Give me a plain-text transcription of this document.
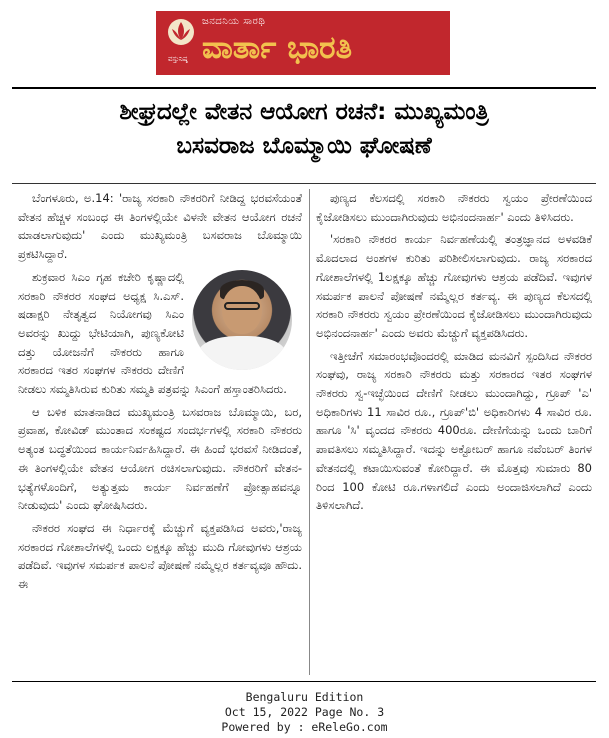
ಜನದನಿಯ ಸಾರಥಿ
ವಾರ್ತಾ ಭಾರತಿ
ವಸ್ತುನಿಷ್ಠ
ಶೀಘ್ರದಲ್ಲೇ ವೇತನ ಆಯೋಗ ರಚನೆ: ಮುಖ್ಯಮಂತ್ರಿ
ಬಸವರಾಜ ಬೊಮ್ಮಾಯಿ ಘೋಷಣೆ

ಬೆಂಗಳೂರು, ಅ.14: 'ರಾಜ್ಯ ಸರಕಾರಿ ನೌಕರರಿಗೆ ನೀಡಿದ್ದ ಭರವಸೆಯಂತೆ ವೇತನ ಹೆಚ್ಚಳ ಸಂಬಂಧ ಈ ತಿಂಗಳಲ್ಲಿಯೇ ವಿಳನೇ ವೇತನ ಆಯೋಗ ರಚನೆ ಮಾಡಲಾಗುವುದು' ಎಂದು ಮುಖ್ಯಮಂತ್ರಿ ಬಸವರಾಜ ಬೊಮ್ಮಾಯಿ ಪ್ರಕಟಿಸಿದ್ದಾರೆ.

ಶುಕ್ರವಾರ ಸಿಎಂ ಗೃಹ ಕಚೇರಿ ಕೃಷ್ಣಾದಲ್ಲಿ ಸರಕಾರಿ ನೌಕರರ ಸಂಘದ ಅಧ್ಯಕ್ಷ ಸಿ.ಎಸ್. ಷಡಾಕ್ಷರಿ ನೇತೃತ್ವದ ನಿಯೋಗವು ಸಿಎಂ ಅವರನ್ನು ಖುದ್ದು ಭೇಟಿಯಾಗಿ, ಪುಣ್ಯಕೋಟಿ ದತ್ತು ಯೋಜನೆಗೆ ನೌಕರರು ಹಾಗೂ ಸರಕಾರದ ಇತರ ಸಂಘಗಳ ನೌಕರರು ದೇಣಿಗೆ ನೀಡಲು ಸಮ್ಮತಿಸಿರುವ ಕುರಿತು ಸಮ್ಮತಿ ಪತ್ರವನ್ನು ಸಿಎಂಗೆ ಹಸ್ತಾಂತರಿಸಿದರು.

ಆ ಬಳಿಕ ಮಾತನಾಡಿದ ಮುಖ್ಯಮಂತ್ರಿ ಬಸವರಾಜ ಬೊಮ್ಮಾಯಿ, ಬರ, ಪ್ರವಾಹ, ಕೋವಿಡ್ ಮುಂತಾದ ಸಂಕಷ್ಟದ ಸಂದರ್ಭಗಳಲ್ಲಿ ಸರಕಾರಿ ನೌಕರರು ಅತ್ಯಂತ ಬದ್ಧತೆಯಿಂದ ಕಾರ್ಯನಿರ್ವಹಿಸಿದ್ದಾರೆ. ಈ ಹಿಂದೆ ಭರವಸೆ ನೀಡಿದಂತೆ, ಈ ತಿಂಗಳಲ್ಲಿಯೇ ವೇತನ ಆಯೋಗ ರಚಿಸಲಾಗುವುದು. ನೌಕರರಿಗೆ ವೇತನ-ಭತ್ಯೆಗಳೊಂದಿಗೆ, ಅತ್ಯುತ್ತಮ ಕಾರ್ಯ ನಿರ್ವಹಣೆಗೆ ಪ್ರೋತ್ಸಾಹವನ್ನೂ ನೀಡುವುದು' ಎಂದು ಘೋಷಿಸಿದರು.

ನೌಕರರ ಸಂಘದ ಈ ನಿರ್ಧಾರಕ್ಕೆ ಮೆಚ್ಚುಗೆ ವ್ಯಕ್ತಪಡಿಸಿದ ಅವರು,'ರಾಜ್ಯ ಸರಕಾರದ ಗೋಶಾಲೆಗಳಲ್ಲಿ ಒಂದು ಲಕ್ಷಕ್ಕೂ ಹೆಚ್ಚು ಮುದಿ ಗೋವುಗಳು ಆಶ್ರಯ ಪಡೆದಿವೆ. ಇವುಗಳ ಸಮರ್ಪಕ ಪಾಲನೆ ಪೋಷಣೆ ನಮ್ಮೆಲ್ಲರ ಕರ್ತವ್ಯವೂ ಹೌದು. ಈ

ಪುಣ್ಯದ ಕೆಲಸದಲ್ಲಿ ಸರಕಾರಿ ನೌಕರರು ಸ್ವಯಂ ಪ್ರೇರಣೆಯಿಂದ ಕೈಜೋಡಿಸಲು ಮುಂದಾಗಿರುವುದು ಅಭಿನಂದನಾರ್ಹ' ಎಂದು ತಿಳಿಸಿದರು.

'ಸರಕಾರಿ ನೌಕರರ ಕಾರ್ಯ ನಿರ್ವಹಣೆಯಲ್ಲಿ ತಂತ್ರಜ್ಞಾನದ ಅಳವಡಿಕೆ ಮೊದಲಾದ ಅಂಶಗಳ ಕುರಿತು ಪರಿಶೀಲಿಸಲಾಗುವುದು. ರಾಜ್ಯ ಸರಕಾರದ ಗೋಶಾಲೆಗಳಲ್ಲಿ 1ಲಕ್ಷಕ್ಕೂ ಹೆಚ್ಚು ಗೋವುಗಳು ಆಶ್ರಯ ಪಡೆದಿವೆ. ಇವುಗಳ ಸಮರ್ಪಕ ಪಾಲನೆ ಪೋಷಣೆ ನಮ್ಮೆಲ್ಲರ ಕರ್ತವ್ಯ. ಈ ಪುಣ್ಯದ ಕೆಲಸದಲ್ಲಿ ಸರಕಾರಿ ನೌಕರರು ಸ್ವಯಂ ಪ್ರೇರಣೆಯಿಂದ ಕೈಜೋಡಿಸಲು ಮುಂದಾಗಿರುವುದು ಅಭಿನಂದನಾರ್ಹ' ಎಂದು ಅವರು ಮೆಚ್ಚುಗೆ ವ್ಯಕ್ತಪಡಿಸಿದರು.

ಇತ್ತೀಚೆಗೆ ಸಮಾರಂಭವೊಂದರಲ್ಲಿ ಮಾಡಿದ ಮನವಿಗೆ ಸ್ಪಂದಿಸಿದ ನೌಕರರ ಸಂಘವು, ರಾಜ್ಯ ಸರಕಾರಿ ನೌಕರರು ಮತ್ತು ಸರಕಾರದ ಇತರ ಸಂಘಗಳ ನೌಕರರು ಸ್ವ-ಇಚ್ಛೆಯಿಂದ ದೇಣಿಗೆ ನೀಡಲು ಮುಂದಾಗಿದ್ದು, ಗ್ರೂಪ್ 'ಎ' ಅಧಿಕಾರಿಗಳು 11 ಸಾವಿರ ರೂ., ಗ್ರೂಪ್'ಬಿ' ಅಧಿಕಾರಿಗಳು 4 ಸಾವಿರ ರೂ. ಹಾಗೂ 'ಸಿ' ವೃಂದದ ನೌಕರರು 400ರೂ. ದೇಣಿಗೆಯನ್ನು ಒಂದು ಬಾರಿಗೆ ಪಾವತಿಸಲು ಸಮ್ಮತಿಸಿದ್ದಾರೆ. ಇದನ್ನು ಅಕ್ಟೋಬರ್ ಹಾಗೂ ನವೆಂಬರ್ ತಿಂಗಳ ವೇತನದಲ್ಲಿ ಕಟಾಯಿಸುವಂತೆ ಕೋರಿದ್ದಾರೆ. ಈ ಮೊತ್ತವು ಸುಮಾರು 80 ರಿಂದ 100 ಕೋಟಿ ರೂ.ಗಳಾಗಲಿದೆ ಎಂದು ಅಂದಾಜಿಸಲಾಗಿದೆ ಎಂದು ತಿಳಿಸಲಾಗಿದೆ.

Bengaluru Edition
Oct 15, 2022 Page No. 3
Powered by : eReleGo.com
